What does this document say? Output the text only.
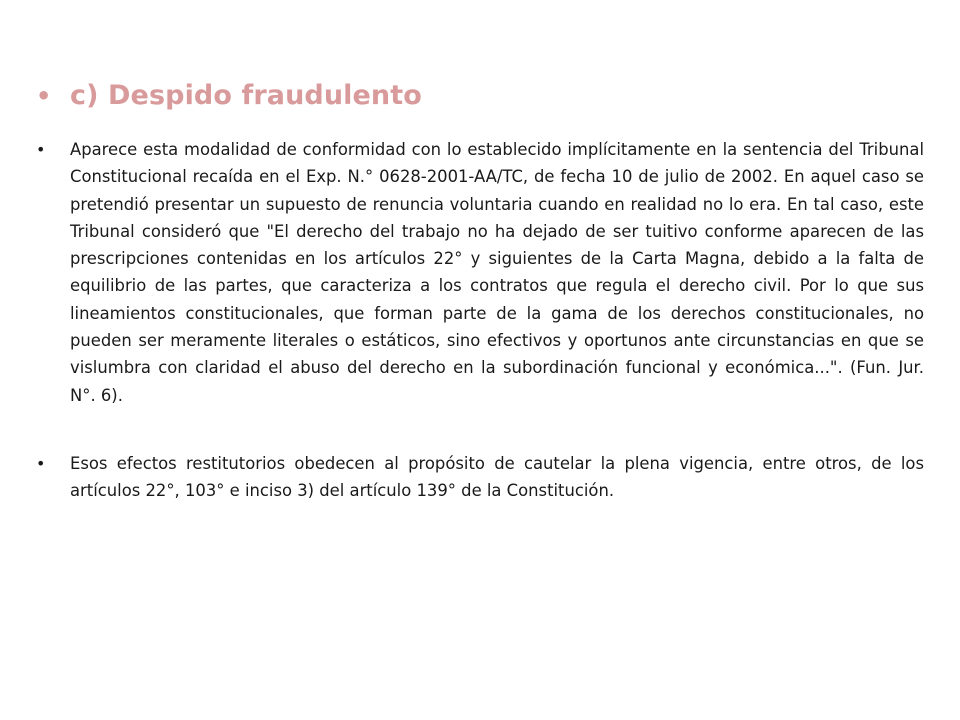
• c) Despido fraudulento
•	Aparece esta modalidad de conformidad con lo establecido implícitamente en la sentencia del Tribunal Constitucional recaída en el Exp. N.° 0628-2001-AA/TC, de fecha 10 de julio de 2002. En aquel caso se pretendió presentar un supuesto de renuncia voluntaria cuando en realidad no lo era. En tal caso, este Tribunal consideró que "El derecho del trabajo no ha dejado de ser tuitivo conforme aparecen de las prescripciones contenidas en los artículos 22° y siguientes de la Carta Magna, debido a la falta de equilibrio de las partes, que caracteriza a los contratos que regula el derecho civil. Por lo que sus lineamientos constitucionales, que forman parte de la gama de los derechos constitucionales, no pueden ser meramente literales o estáticos, sino efectivos y oportunos ante circunstancias en que se vislumbra con claridad el abuso del derecho en la subordinación funcional y económica...". (Fun. Jur. N°. 6).
•	Esos efectos restitutorios obedecen al propósito de cautelar la plena vigencia, entre otros, de los artículos 22°, 103° e inciso 3) del artículo 139° de la Constitución.
